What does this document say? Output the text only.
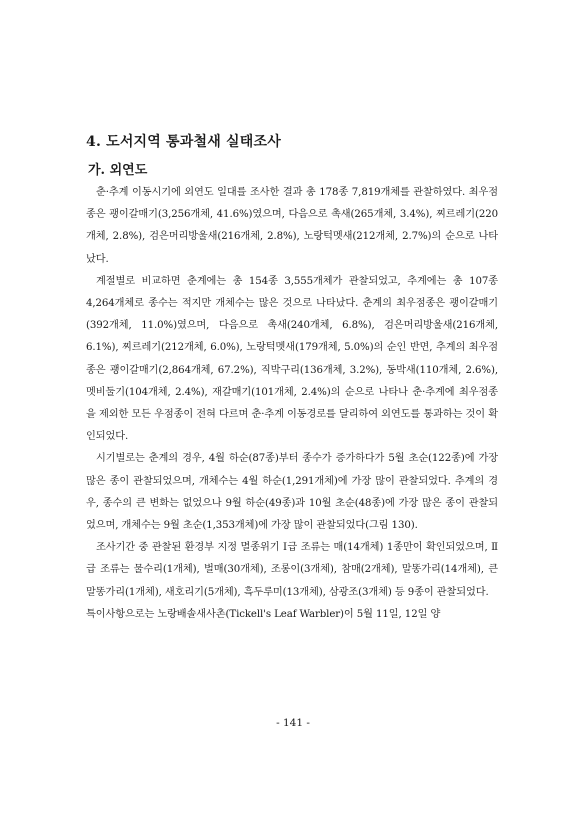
4. 도서지역 통과철새 실태조사
가. 외연도

춘·추계 이동시기에 외연도 일대를 조사한 결과 총 178종 7,819개체를 관찰하였다. 최우점종은 괭이갈매기(3,256개체, 41.6%)였으며, 다음으로 촉새(265개체, 3.4%), 찌르레기(220개체, 2.8%), 검은머리방울새(216개체, 2.8%), 노랑턱멧새(212개체, 2.7%)의 순으로 나타났다.

계절별로 비교하면 춘계에는 총 154종 3,555개체가 관찰되었고, 추계에는 총 107종 4,264개체로 종수는 적지만 개체수는 많은 것으로 나타났다. 춘계의 최우점종은 괭이갈매기(392개체, 11.0%)였으며, 다음으로 촉새(240개체, 6.8%), 검은머리방울새(216개체, 6.1%), 찌르레기(212개체, 6.0%), 노랑턱멧새(179개체, 5.0%)의 순인 반면, 추계의 최우점종은 괭이갈매기(2,864개체, 67.2%), 직박구리(136개체, 3.2%), 동박새(110개체, 2.6%), 멧비둘기(104개체, 2.4%), 재갈매기(101개체, 2.4%)의 순으로 나타나 춘·추계에 최우점종을 제외한 모든 우점종이 전혀 다르며 춘·추계 이동경로를 달리하여 외연도를 통과하는 것이 확인되었다.

시기별로는 춘계의 경우, 4월 하순(87종)부터 종수가 증가하다가 5월 초순(122종)에 가장 많은 종이 관찰되었으며, 개체수는 4월 하순(1,291개체)에 가장 많이 관찰되었다. 추계의 경우, 종수의 큰 변화는 없었으나 9월 하순(49종)과 10월 초순(48종)에 가장 많은 종이 관찰되었으며, 개체수는 9월 초순(1,353개체)에 가장 많이 관찰되었다(그림 130).

조사기간 중 관찰된 환경부 지정 멸종위기 Ⅰ급 조류는 매(14개체) 1종만이 확인되었으며, Ⅱ급 조류는 물수리(1개체), 벌매(30개체), 조롱이(3개체), 참매(2개체), 말똥가리(14개체), 큰말똥가리(1개체), 새호리기(5개체), 흑두루미(13개체), 삼광조(3개체) 등 9종이 관찰되었다.

특이사항으로는 노랑배솔새사촌(Tickell's Leaf Warbler)이 5월 11일, 12일 양

- 141 -
